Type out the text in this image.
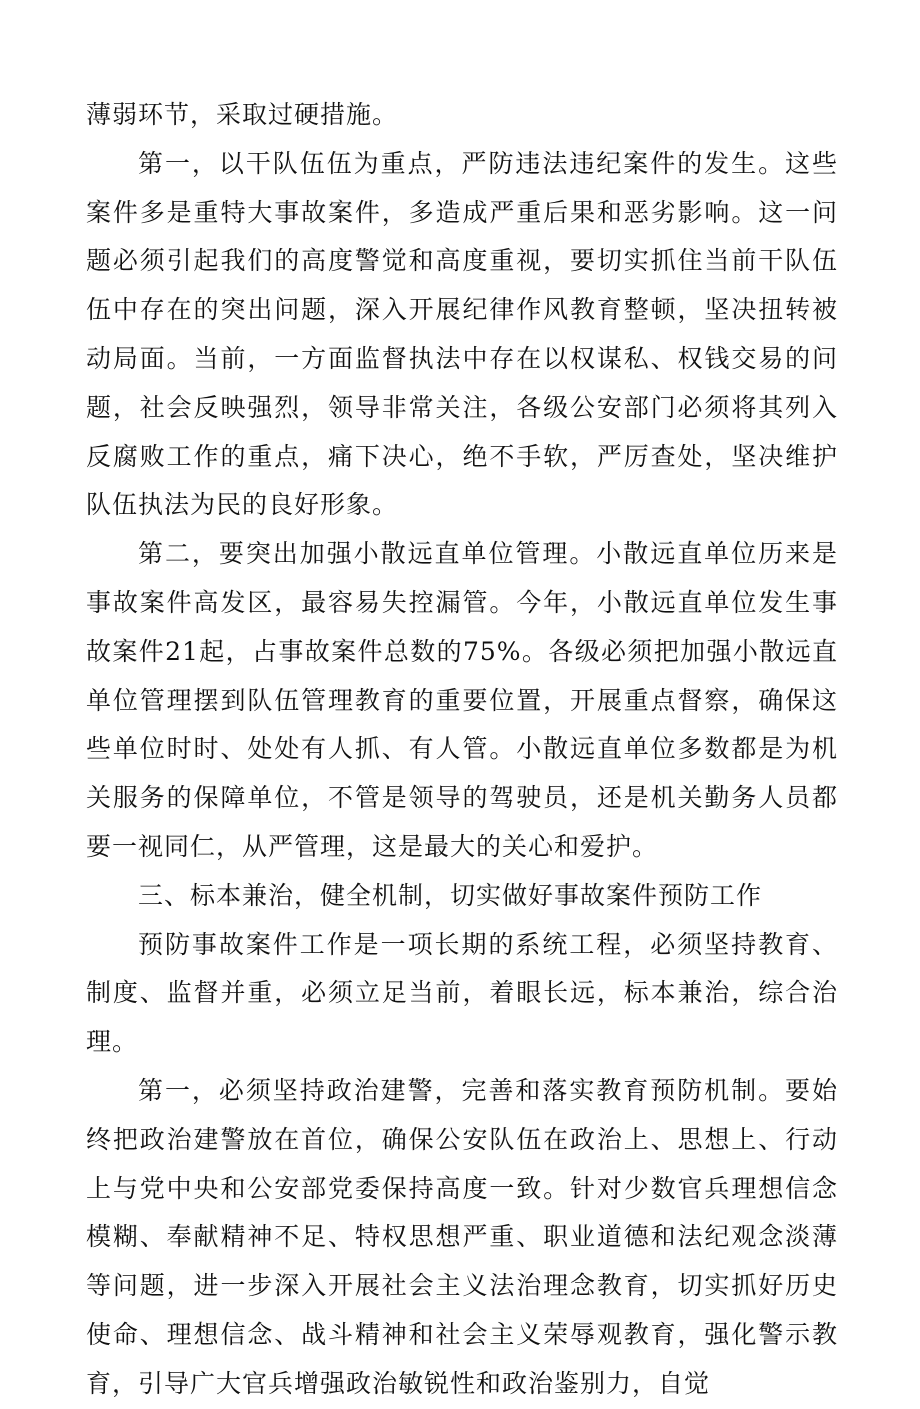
薄弱环节，采取过硬措施。

第一，以干队伍伍为重点，严防违法违纪案件的发生。这些案件多是重特大事故案件，多造成严重后果和恶劣影响。这一问题必须引起我们的高度警觉和高度重视，要切实抓住当前干队伍伍中存在的突出问题，深入开展纪律作风教育整顿，坚决扭转被动局面。当前，一方面监督执法中存在以权谋私、权钱交易的问题，社会反映强烈，领导非常关注，各级公安部门必须将其列入反腐败工作的重点，痛下决心，绝不手软，严厉查处，坚决维护队伍执法为民的良好形象。

第二，要突出加强小散远直单位管理。小散远直单位历来是事故案件高发区，最容易失控漏管。今年，小散远直单位发生事故案件21起，占事故案件总数的75%。各级必须把加强小散远直单位管理摆到队伍管理教育的重要位置，开展重点督察，确保这些单位时时、处处有人抓、有人管。小散远直单位多数都是为机关服务的保障单位，不管是领导的驾驶员，还是机关勤务人员都要一视同仁，从严管理，这是最大的关心和爱护。

三、标本兼治，健全机制，切实做好事故案件预防工作

预防事故案件工作是一项长期的系统工程，必须坚持教育、制度、监督并重，必须立足当前，着眼长远，标本兼治，综合治理。

第一，必须坚持政治建警，完善和落实教育预防机制。要始终把政治建警放在首位，确保公安队伍在政治上、思想上、行动上与党中央和公安部党委保持高度一致。针对少数官兵理想信念模糊、奉献精神不足、特权思想严重、职业道德和法纪观念淡薄等问题，进一步深入开展社会主义法治理念教育，切实抓好历史使命、理想信念、战斗精神和社会主义荣辱观教育，强化警示教育，引导广大官兵增强政治敏锐性和政治鉴别力，自觉
